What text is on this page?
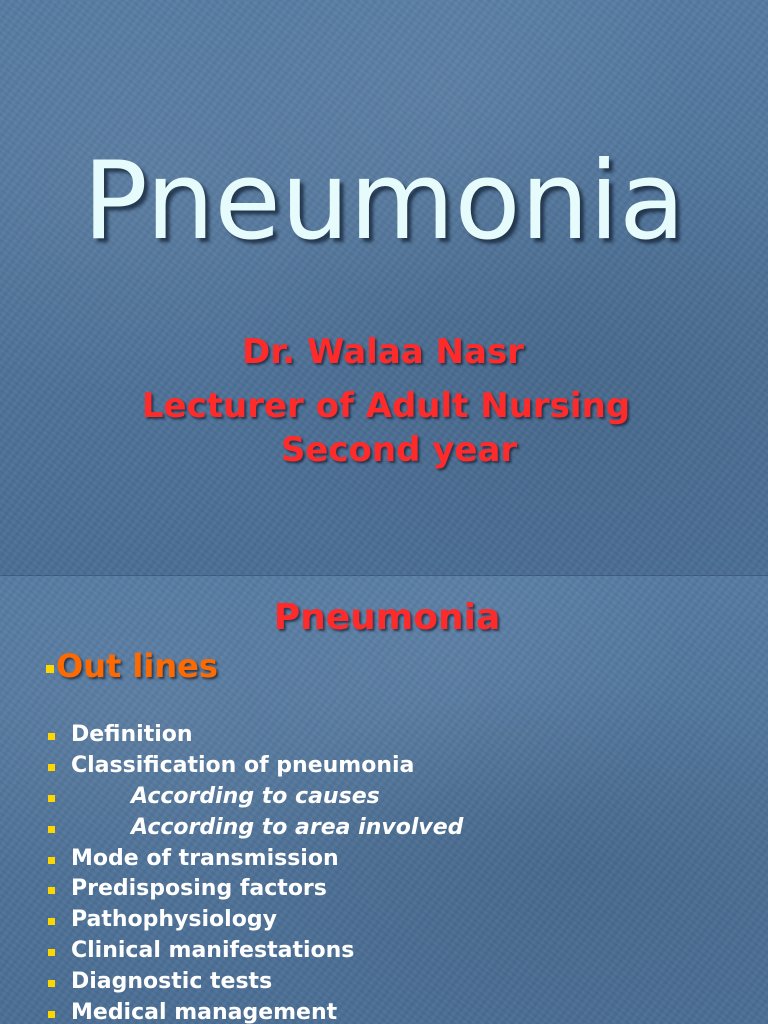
Pneumonia
Dr. Walaa Nasr
Lecturer of Adult Nursing
Second year
Pneumonia
Out lines
Definition
Classification of pneumonia
According to causes
According to area involved
Mode of transmission
Predisposing factors
Pathophysiology
Clinical manifestations
Diagnostic tests
Medical management
